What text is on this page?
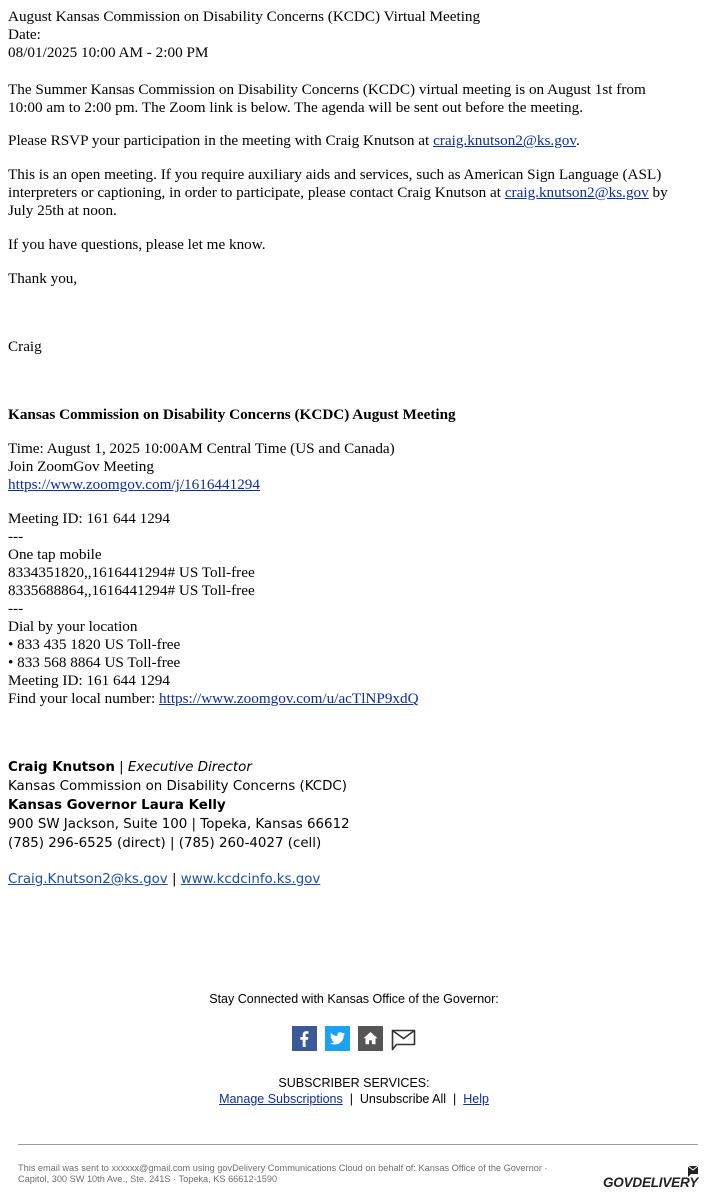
August Kansas Commission on Disability Concerns (KCDC) Virtual Meeting
Date:
08/01/2025 10:00 AM - 2:00 PM
The Summer Kansas Commission on Disability Concerns (KCDC) virtual meeting is on August 1st from
10:00 am to 2:00 pm. The Zoom link is below. The agenda will be sent out before the meeting.
Please RSVP your participation in the meeting with Craig Knutson at craig.knutson2@ks.gov.
This is an open meeting. If you require auxiliary aids and services, such as American Sign Language (ASL)
interpreters or captioning, in order to participate, please contact Craig Knutson at craig.knutson2@ks.gov by
July 25th at noon.
If you have questions, please let me know.
Thank you,
Craig
Kansas Commission on Disability Concerns (KCDC) August Meeting
Time: August 1, 2025 10:00AM Central Time (US and Canada)
Join ZoomGov Meeting
https://www.zoomgov.com/j/1616441294
Meeting ID: 161 644 1294
---
One tap mobile
8334351820,,1616441294# US Toll-free
8335688864,,1616441294# US Toll-free
---
Dial by your location
• 833 435 1820 US Toll-free
• 833 568 8864 US Toll-free
Meeting ID: 161 644 1294
Find your local number: https://www.zoomgov.com/u/acTlNP9xdQ
Craig Knutson | Executive Director
Kansas Commission on Disability Concerns (KCDC)
Kansas Governor Laura Kelly
900 SW Jackson, Suite 100 | Topeka, Kansas 66612
(785) 296-6525 (direct) | (785) 260-4027 (cell)
Craig.Knutson2@ks.gov | www.kcdcinfo.ks.gov
Stay Connected with Kansas Office of the Governor:

SUBSCRIBER SERVICES:
Manage Subscriptions | Unsubscribe All | Help
This email was sent to xxxxxx@gmail.com using govDelivery Communications Cloud on behalf of: Kansas Office of the Governor ·
Capitol, 300 SW 10th Ave., Ste. 241S · Topeka, KS 66612-1590	GOVDELIVERY
